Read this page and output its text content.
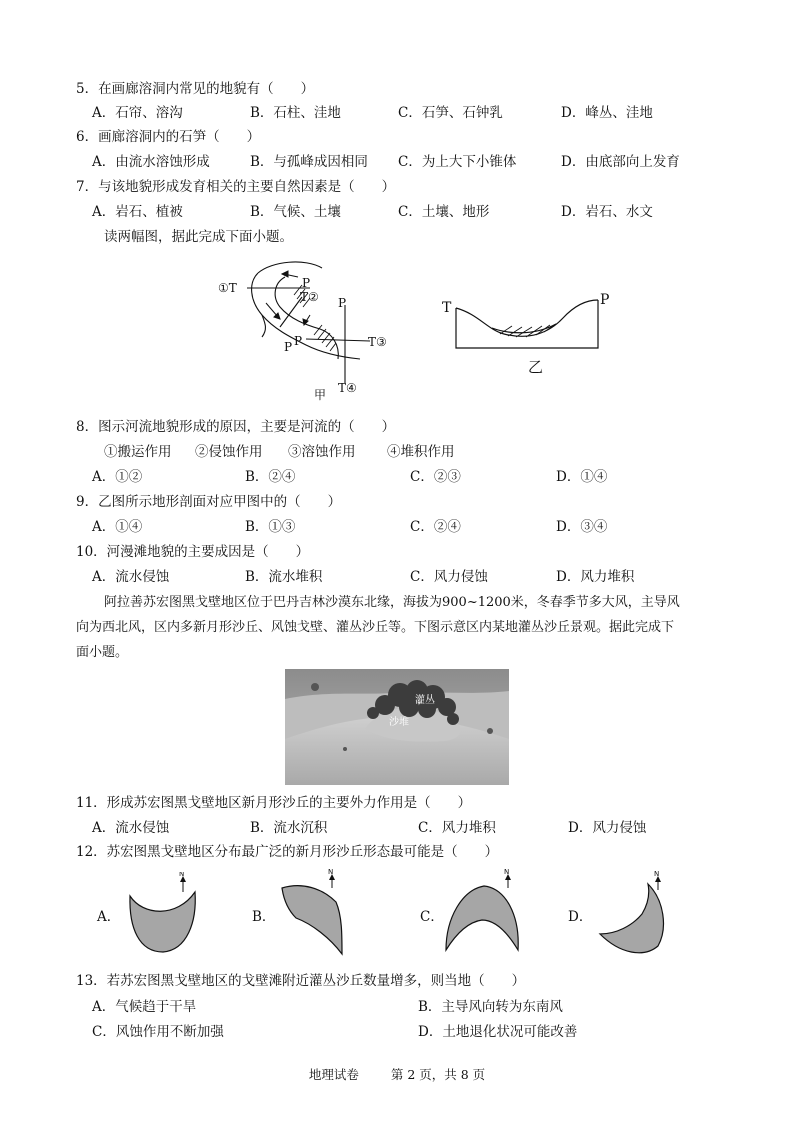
5．在画廊溶洞内常见的地貌有（　　）
A．石帘、溶沟	B．石柱、洼地	C．石笋、石钟乳	D．峰丛、洼地
6．画廊溶洞内的石笋（　　）
A．由流水溶蚀形成	B．与孤峰成因相同 C．为上大下小锥体	D．由底部向上发育
7．与该地貌形成发育相关的主要自然因素是（　　）
A．岩石、植被	B．气候、土壤	C．土壤、地形	D．岩石、水文
读两幅图，据此完成下面小题。
①T	P
T② P
P P	T③
T④
甲
T	P
乙
8．图示河流地貌形成的原因，主要是河流的（　　）
①搬运作用 ②侵蚀作用 ③溶蚀作用 ④堆积作用
A．①②	B．②④	C．②③	D．①④
9．乙图所示地形剖面对应甲图中的（　　）
A．①④	B．①③	C．②④	D．③④
10．河漫滩地貌的主要成因是（　　）
A．流水侵蚀	B．流水堆积	C．风力侵蚀	D．风力堆积
阿拉善苏宏图黑戈壁地区位于巴丹吉林沙漠东北缘，海拔为900~1200米，冬春季节多大风，主导风
向为西北风，区内多新月形沙丘、风蚀戈壁、灌丛沙丘等。下图示意区内某地灌丛沙丘景观。据此完成下
面小题。
灌丛
沙堆
11．形成苏宏图黑戈壁地区新月形沙丘的主要外力作用是（　　）
A．流水侵蚀	B．流水沉积	C．风力堆积	D．风力侵蚀
12．苏宏图黑戈壁地区分布最广泛的新月形沙丘形态最可能是（　　）
A．
N
B．
N
C．
N
D．
N
13．若苏宏图黑戈壁地区的戈壁滩附近灌丛沙丘数量增多，则当地（　　）
A．气候趋于干旱	B．主导风向转为东南风
C．风蚀作用不断加强	D．土地退化状况可能改善
地理试卷	第 2 页，共 8 页
